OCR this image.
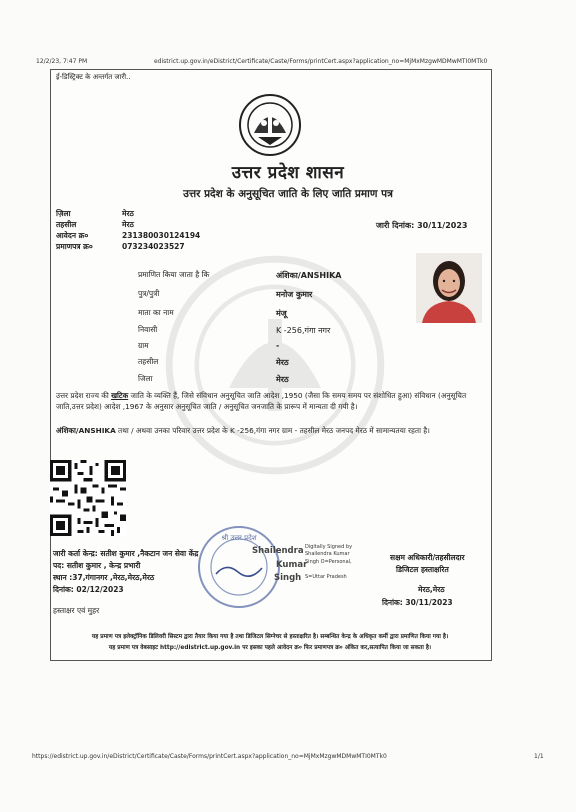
12/2/23, 7:47 PM	edistrict.up.gov.in/eDistrict/Certificate/Caste/Forms/printCert.aspx?application_no=MjMxMzgwMDMwMTI0MTk0
ई-डिस्ट्रिक्ट के अन्तर्गत जारी..
उत्तर प्रदेश शासन
उत्तर प्रदेश के अनुसूचित जाति के लिए जाति प्रमाण पत्र
ज़िला	मेरठ
तहसील	मेरठ
आवेदन क्र०	231380030124194
प्रमाणपत्र क्र०	073234023527
जारी दिनांक: 30/11/2023
प्रमाणित किया जाता है कि	अंशिका/ANSHIKA
पुत्र/पुत्री	मनोज कुमार
माता का नाम	मंजू
निवासी	K -256,गंगा नगर
ग्राम	-
तहसील	मेरठ
जिला	मेरठ
उत्तर प्रदेश राज्य की खटिक जाति के व्यक्ति हैं, जिसे संविधान अनुसूचित जाति आदेश ,1950 (जैसा कि समय समय पर संशोधित हुआ) संविधान (अनुसूचित जाति,उत्तर प्रदेश) आदेश ,1967 के अनुसार अनुसूचित जाति / अनुसूचित जनजाति के प्रारूप में मान्यता दी गयी है।
अंशिका/ANSHIKA तथा / अथवा उनका परिवार उत्तर प्रदेश के K -256,गंगा नगर ग्राम - तहसील मेरठ जनपद मेरठ में सामान्यतया रहता है।
जारी कर्ता केन्द्र: सतीश कुमार ,नैकटान जन सेवा केंद्र
पद: सतीश कुमार , केन्द्र प्रभारी
स्थान :37,गंगानगर ,मेरठ,मेरठ,मेरठ
दिनांक: 02/12/2023
हस्ताक्षर एवं मुहर
श्री उत्तर प्रदेश
Shailendra
Kumar
Singh
Digitally Signed by
Shailendra Kumar
Singh O=Personal,
S=Uttar Pradesh
सक्षम अधिकारी/तहसीलदार
डिजिटल हस्ताक्षरित
मेरठ,मेरठ
दिनांक: 30/11/2023
यह प्रमाण पत्र इलेक्ट्रॉनिक डिलिवरी सिस्टम द्वारा तैयार किया गया है तथा डिजिटल सिग्नेचर से हस्ताक्षरित है। सम्बन्धित केन्द्र के अधिकृत कर्मी द्वारा प्रमाणित किया गया है।
यह प्रमाण पत्र वेबसाइट http://edistrict.up.gov.in पर इसका पहले आवेदन क्र० फिर प्रमाणपत्र क्र० अंकित कर,सत्यापित किया जा सकता है।
https://edistrict.up.gov.in/eDistrict/Certificate/Caste/Forms/printCert.aspx?application_no=MjMxMzgwMDMwMTI0MTk0	1/1
